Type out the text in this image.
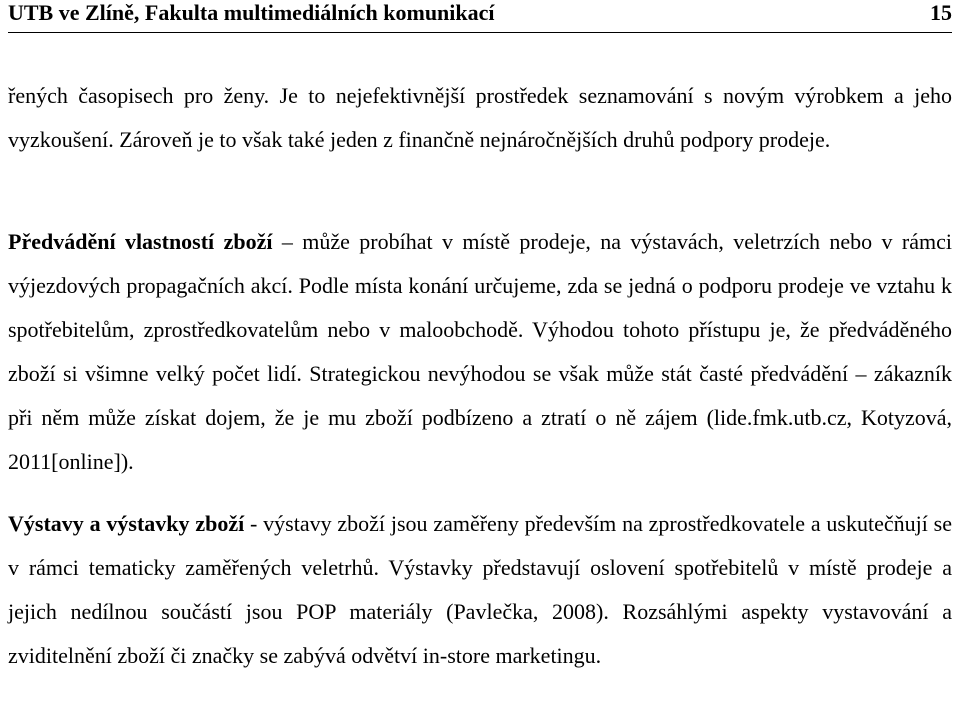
UTB ve Zlíně, Fakulta multimediálních komunikací	15

řených časopisech pro ženy. Je to nejefektivnější prostředek seznamování s novým výrobkem a jeho vyzkoušení. Zároveň je to však také jeden z finančně nejnáročnějších druhů podpory prodeje.

Předvádění vlastností zboží – může probíhat v místě prodeje, na výstavách, veletrzích nebo v rámci výjezdových propagačních akcí. Podle místa konání určujeme, zda se jedná o podporu prodeje ve vztahu k spotřebitelům, zprostředkovatelům nebo v maloobchodě. Výhodou tohoto přístupu je, že předváděného zboží si všimne velký počet lidí. Strategickou nevýhodou se však může stát časté předvádění – zákazník při něm může získat dojem, že je mu zboží podbízeno a ztratí o ně zájem (lide.fmk.utb.cz, Kotyzová, 2011[online]).

Výstavy a výstavky zboží - výstavy zboží jsou zaměřeny především na zprostředkovatele a uskutečňují se v rámci tematicky zaměřených veletrhů. Výstavky představují oslovení spotřebitelů v místě prodeje a jejich nedílnou součástí jsou POP materiály (Pavlečka, 2008). Rozsáhlými aspekty vystavování a zviditelnění zboží či značky se zabývá odvětví in-store marketingu.
